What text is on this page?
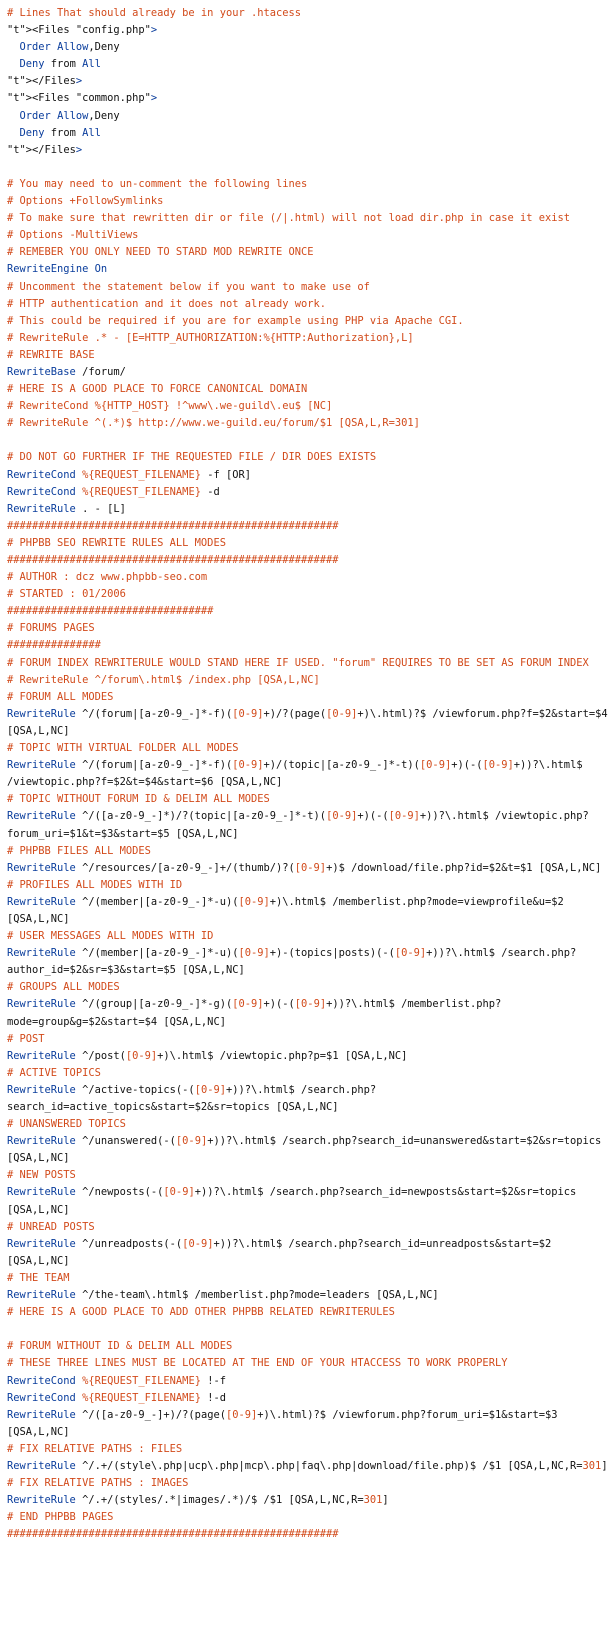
# Lines That should already be in your .htacess
"t"><Files "config.php">
Order Allow,Deny
Deny from All
"t"></Files>
"t"><Files "common.php">
Order Allow,Deny
Deny from All
"t"></Files>
# You may need to un-comment the following lines
# Options +FollowSymlinks
# To make sure that rewritten dir or file (/|.html) will not load dir.php in case it exist
# Options -MultiViews
# REMEBER YOU ONLY NEED TO STARD MOD REWRITE ONCE
RewriteEngine On
# Uncomment the statement below if you want to make use of
# HTTP authentication and it does not already work.
# This could be required if you are for example using PHP via Apache CGI.
# RewriteRule .* - [E=HTTP_AUTHORIZATION:%{HTTP:Authorization},L]
# REWRITE BASE
RewriteBase /forum/
# HERE IS A GOOD PLACE TO FORCE CANONICAL DOMAIN
# RewriteCond %{HTTP_HOST} !^www\.we-guild\.eu$ [NC]
# RewriteRule ^(.*)$ http://www.we-guild.eu/forum/$1 [QSA,L,R=301]
# DO NOT GO FURTHER IF THE REQUESTED FILE / DIR DOES EXISTS
RewriteCond %{REQUEST_FILENAME} -f [OR]
RewriteCond %{REQUEST_FILENAME} -d
RewriteRule . - [L]
#####################################################
# PHPBB SEO REWRITE RULES ALL MODES
#####################################################
# AUTHOR : dcz www.phpbb-seo.com
# STARTED : 01/2006
#################################
# FORUMS PAGES
###############
# FORUM INDEX REWRITERULE WOULD STAND HERE IF USED. "forum" REQUIRES TO BE SET AS FORUM INDEX
# RewriteRule ^/forum\.html$ /index.php [QSA,L,NC]
# FORUM ALL MODES
RewriteRule ^/(forum|[a-z0-9_-]*-f)([0-9]+)/?(page([0-9]+)\.html)?$ /viewforum.php?f=$2&start=$4
[QSA,L,NC]
# TOPIC WITH VIRTUAL FOLDER ALL MODES
RewriteRule ^/(forum|[a-z0-9_-]*-f)([0-9]+)/(topic|[a-z0-9_-]*-t)([0-9]+)(-([0-9]+))?\.html$
/viewtopic.php?f=$2&t=$4&start=$6 [QSA,L,NC]
# TOPIC WITHOUT FORUM ID & DELIM ALL MODES
RewriteRule ^/([a-z0-9_-]*)/?(topic|[a-z0-9_-]*-t)([0-9]+)(-([0-9]+))?\.html$ /viewtopic.php?
forum_uri=$1&t=$3&start=$5 [QSA,L,NC]
# PHPBB FILES ALL MODES
RewriteRule ^/resources/[a-z0-9_-]+/(thumb/)?([0-9]+)$ /download/file.php?id=$2&t=$1 [QSA,L,NC]
# PROFILES ALL MODES WITH ID
RewriteRule ^/(member|[a-z0-9_-]*-u)([0-9]+)\.html$ /memberlist.php?mode=viewprofile&u=$2
[QSA,L,NC]
# USER MESSAGES ALL MODES WITH ID
RewriteRule ^/(member|[a-z0-9_-]*-u)([0-9]+)-(topics|posts)(-([0-9]+))?\.html$ /search.php?
author_id=$2&sr=$3&start=$5 [QSA,L,NC]
# GROUPS ALL MODES
RewriteRule ^/(group|[a-z0-9_-]*-g)([0-9]+)(-([0-9]+))?\.html$ /memberlist.php?
mode=group&g=$2&start=$4 [QSA,L,NC]
# POST
RewriteRule ^/post([0-9]+)\.html$ /viewtopic.php?p=$1 [QSA,L,NC]
# ACTIVE TOPICS
RewriteRule ^/active-topics(-([0-9]+))?\.html$ /search.php?
search_id=active_topics&start=$2&sr=topics [QSA,L,NC]
# UNANSWERED TOPICS
RewriteRule ^/unanswered(-([0-9]+))?\.html$ /search.php?search_id=unanswered&start=$2&sr=topics
[QSA,L,NC]
# NEW POSTS
RewriteRule ^/newposts(-([0-9]+))?\.html$ /search.php?search_id=newposts&start=$2&sr=topics
[QSA,L,NC]
# UNREAD POSTS
RewriteRule ^/unreadposts(-([0-9]+))?\.html$ /search.php?search_id=unreadposts&start=$2
[QSA,L,NC]
# THE TEAM
RewriteRule ^/the-team\.html$ /memberlist.php?mode=leaders [QSA,L,NC]
# HERE IS A GOOD PLACE TO ADD OTHER PHPBB RELATED REWRITERULES
# FORUM WITHOUT ID & DELIM ALL MODES
# THESE THREE LINES MUST BE LOCATED AT THE END OF YOUR HTACCESS TO WORK PROPERLY
RewriteCond %{REQUEST_FILENAME} !-f
RewriteCond %{REQUEST_FILENAME} !-d
RewriteRule ^/([a-z0-9_-]+)/?(page([0-9]+)\.html)?$ /viewforum.php?forum_uri=$1&start=$3
[QSA,L,NC]
# FIX RELATIVE PATHS : FILES
RewriteRule ^/.+/(style\.php|ucp\.php|mcp\.php|faq\.php|download/file.php)$ /$1 [QSA,L,NC,R=301]
# FIX RELATIVE PATHS : IMAGES
RewriteRule ^/.+/(styles/.*|images/.*)/$ /$1 [QSA,L,NC,R=301]
# END PHPBB PAGES
#####################################################
